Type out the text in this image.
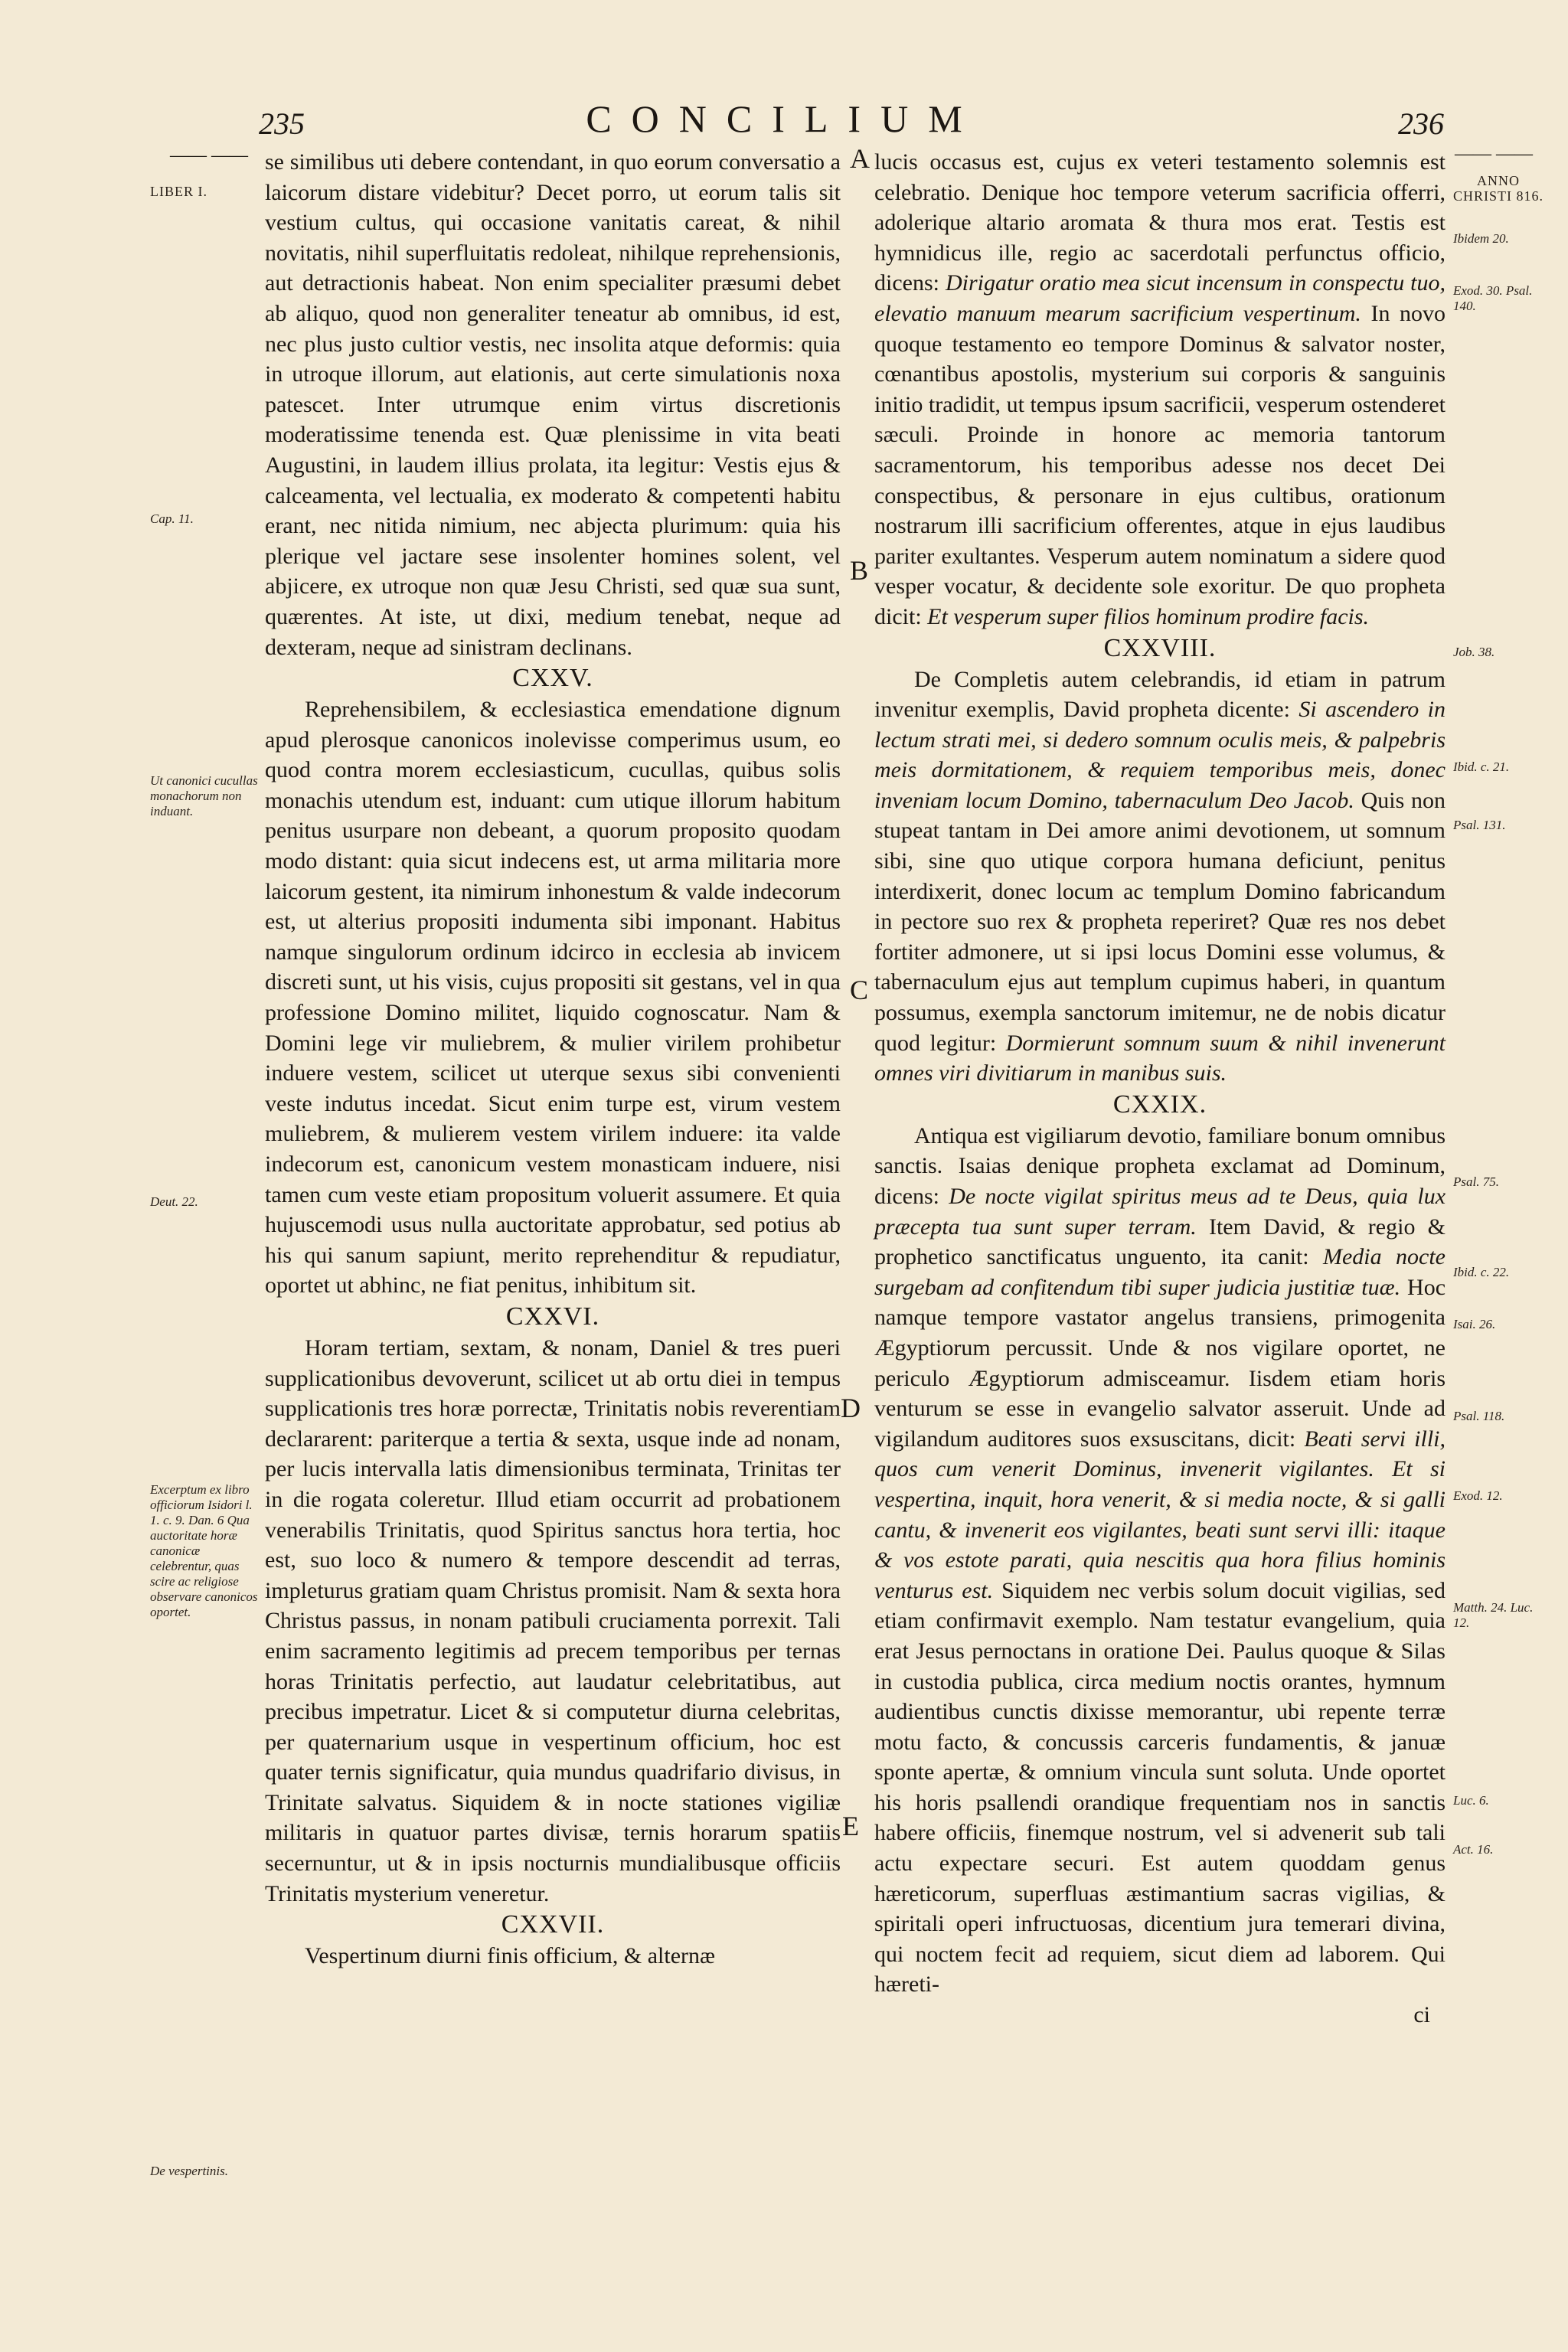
235	CONCILIUM	236
—— ——	—— ——
LIBER I.
Cap. 11.
Ut canonici cucullas monachorum non induant.
Deut. 22.
Excerptum ex libro officiorum Isidori l. 1. c. 9. Dan. 6 Qua auctoritate horæ canonicæ celebrentur, quas scire ac religiose observare canonicos oportet.
De vespertinis.
A
B
C
D
E
ANNO CHRISTI 816.
Ibidem 20.
Exod. 30. Psal. 140.
Job. 38.
Ibid. c. 21.
Psal. 131.
Psal. 75.
Ibid. c. 22.
Isai. 26.
Psal. 118.
Exod. 12.
Matth. 24. Luc. 12.
Luc. 6.
Act. 16.

se similibus uti debere contendant, in quo eorum conversatio a laicorum distare videbitur? Decet porro, ut eorum talis sit vestium cultus, qui occasione vanitatis careat, & nihil novitatis, nihil superfluitatis redoleat, nihilque reprehensionis, aut detractionis habeat. Non enim specialiter præsumi debet ab aliquo, quod non generaliter teneatur ab omnibus, id est, nec plus justo cultior vestis, nec insolita atque deformis: quia in utroque illorum, aut elationis, aut certe simulationis noxa patescet. Inter utrumque enim virtus discretionis moderatissime tenenda est. Quæ plenissime in vita beati Augustini, in laudem illius prolata, ita legitur: Vestis ejus & calceamenta, vel lectualia, ex moderato & competenti habitu erant, nec nitida nimium, nec abjecta plurimum: quia his plerique vel jactare sese insolenter homines solent, vel abjicere, ex utroque non quæ Jesu Christi, sed quæ sua sunt, quærentes. At iste, ut dixi, medium tenebat, neque ad dexteram, neque ad sinistram declinans.

CXXV.

Reprehensibilem, & ecclesiastica emendatione dignum apud plerosque canonicos inolevisse comperimus usum, eo quod contra morem ecclesiasticum, cucullas, quibus solis monachis utendum est, induant: cum utique illorum habitum penitus usurpare non debeant, a quorum proposito quodam modo distant: quia sicut indecens est, ut arma militaria more laicorum gestent, ita nimirum inhonestum & valde indecorum est, ut alterius propositi indumenta sibi imponant. Habitus namque singulorum ordinum idcirco in ecclesia ab invicem discreti sunt, ut his visis, cujus propositi sit gestans, vel in qua professione Domino militet, liquido cognoscatur. Nam & Domini lege vir muliebrem, & mulier virilem prohibetur induere vestem, scilicet ut uterque sexus sibi convenienti veste indutus incedat. Sicut enim turpe est, virum vestem muliebrem, & mulierem vestem virilem induere: ita valde indecorum est, canonicum vestem monasticam induere, nisi tamen cum veste etiam propositum voluerit assumere. Et quia hujuscemodi usus nulla auctoritate approbatur, sed potius ab his qui sanum sapiunt, merito reprehenditur & repudiatur, oportet ut abhinc, ne fiat penitus, inhibitum sit.

CXXVI.

Horam tertiam, sextam, & nonam, Daniel & tres pueri supplicationibus devoverunt, scilicet ut ab ortu diei in tempus supplicationis tres horæ porrectæ, Trinitatis nobis reverentiam declararent: pariterque a tertia & sexta, usque inde ad nonam, per lucis intervalla latis dimensionibus terminata, Trinitas ter in die rogata coleretur. Illud etiam occurrit ad probationem venerabilis Trinitatis, quod Spiritus sanctus hora tertia, hoc est, suo loco & numero & tempore descendit ad terras, impleturus gratiam quam Christus promisit. Nam & sexta hora Christus passus, in nonam patibuli cruciamenta porrexit. Tali enim sacramento legitimis ad precem temporibus per ternas horas Trinitatis perfectio, aut laudatur celebritatibus, aut precibus impetratur. Licet & si computetur diurna celebritas, per quaternarium usque in vespertinum officium, hoc est quater ternis significatur, quia mundus quadrifario divisus, in Trinitate salvatus. Siquidem & in nocte stationes vigiliæ militaris in quatuor partes divisæ, ternis horarum spatiis secernuntur, ut & in ipsis nocturnis mundialibusque officiis Trinitatis mysterium veneretur.

CXXVII.

Vespertinum diurni finis officium, & alternæ

lucis occasus est, cujus ex veteri testamento solemnis est celebratio. Denique hoc tempore veterum sacrificia offerri, adolerique altario aromata & thura mos erat. Testis est hymnidicus ille, regio ac sacerdotali perfunctus officio, dicens: Dirigatur oratio mea sicut incensum in conspectu tuo, elevatio manuum mearum sacrificium vespertinum. In novo quoque testamento eo tempore Dominus & salvator noster, cœnantibus apostolis, mysterium sui corporis & sanguinis initio tradidit, ut tempus ipsum sacrificii, vesperum ostenderet sæculi. Proinde in honore ac memoria tantorum sacramentorum, his temporibus adesse nos decet Dei conspectibus, & personare in ejus cultibus, orationum nostrarum illi sacrificium offerentes, atque in ejus laudibus pariter exultantes. Vesperum autem nominatum a sidere quod vesper vocatur, & decidente sole exoritur. De quo propheta dicit: Et vesperum super filios hominum prodire facis.

CXXVIII.

De Completis autem celebrandis, id etiam in patrum invenitur exemplis, David propheta dicente: Si ascendero in lectum strati mei, si dedero somnum oculis meis, & palpebris meis dormitationem, & requiem temporibus meis, donec inveniam locum Domino, tabernaculum Deo Jacob. Quis non stupeat tantam in Dei amore animi devotionem, ut somnum sibi, sine quo utique corpora humana deficiunt, penitus interdixerit, donec locum ac templum Domino fabricandum in pectore suo rex & propheta reperiret? Quæ res nos debet fortiter admonere, ut si ipsi locus Domini esse volumus, & tabernaculum ejus aut templum cupimus haberi, in quantum possumus, exempla sanctorum imitemur, ne de nobis dicatur quod legitur: Dormierunt somnum suum & nihil invenerunt omnes viri divitiarum in manibus suis.

CXXIX.

Antiqua est vigiliarum devotio, familiare bonum omnibus sanctis. Isaias denique propheta exclamat ad Dominum, dicens: De nocte vigilat spiritus meus ad te Deus, quia lux præcepta tua sunt super terram. Item David, & regio & prophetico sanctificatus unguento, ita canit: Media nocte surgebam ad confitendum tibi super judicia justitiæ tuæ. Hoc namque tempore vastator angelus transiens, primogenita Ægyptiorum percussit. Unde & nos vigilare oportet, ne periculo Ægyptiorum admisceamur. Iisdem etiam horis venturum se esse in evangelio salvator asseruit. Unde ad vigilandum auditores suos exsuscitans, dicit: Beati servi illi, quos cum venerit Dominus, invenerit vigilantes. Et si vespertina, inquit, hora venerit, & si media nocte, & si galli cantu, & invenerit eos vigilantes, beati sunt servi illi: itaque & vos estote parati, quia nescitis qua hora filius hominis venturus est. Siquidem nec verbis solum docuit vigilias, sed etiam confirmavit exemplo. Nam testatur evangelium, quia erat Jesus pernoctans in oratione Dei. Paulus quoque & Silas in custodia publica, circa medium noctis orantes, hymnum audientibus cunctis dixisse memorantur, ubi repente terræ motu facto, & concussis carceris fundamentis, & januæ sponte apertæ, & omnium vincula sunt soluta. Unde oportet his horis psallendi orandique frequentiam nos in sanctis habere officiis, finemque nostrum, vel si advenerit sub tali actu expectare securi. Est autem quoddam genus hæreticorum, superfluas æstimantium sacras vigilias, & spiritali operi infructuosas, dicentium jura temerari divina, qui noctem fecit ad requiem, sicut diem ad laborem. Qui hæreti-

ci
